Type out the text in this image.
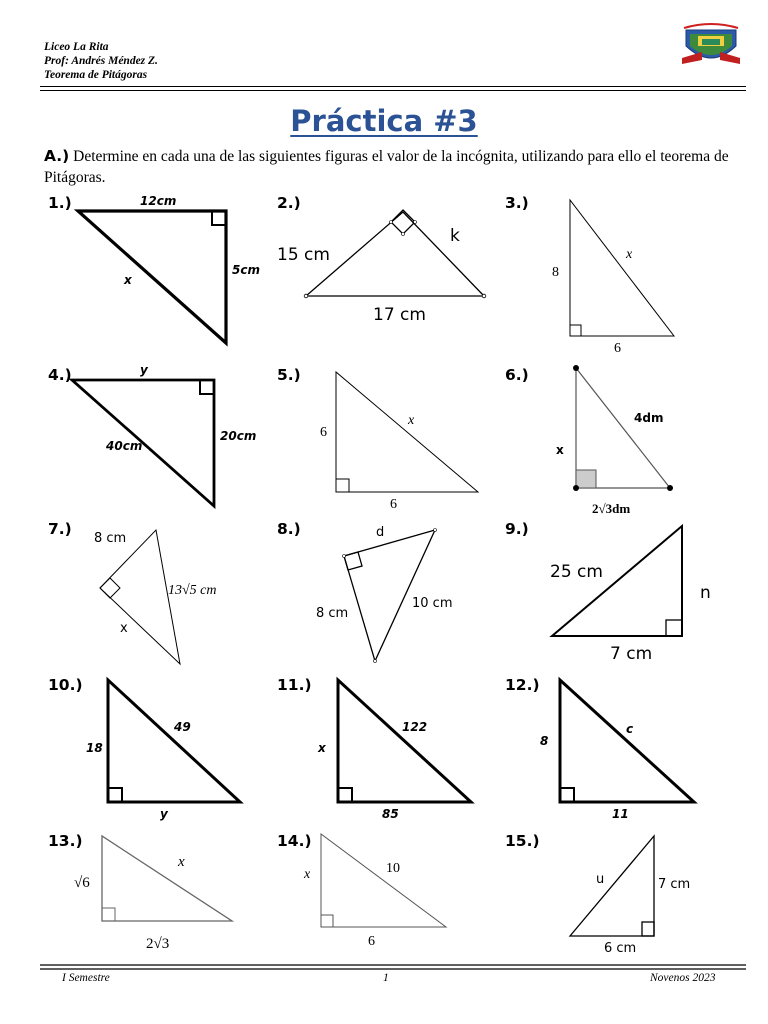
Liceo La Rita
Prof: Andrés Méndez Z.
Teorema de Pitágoras
Práctica #3
A.) Determine en cada una de las siguientes figuras el valor de la incógnita, utilizando para ello el teorema de Pitágoras.
1.)	12cm
x
5cm
2.)
15 cm
k
17 cm
3.)
8
x
6
4.)	y
40cm
20cm
5.)
6
x
6
6.)
x
4dm
2√3dm
7.)
8 cm
13√5 cm
x
8.)	d
8 cm
10 cm
9.)
25 cm
n
7 cm
10.)
18
49
y
11.)
x
122
85
12.)
8
c
11
13.)
√6
x
2√3
14.)
x	10
6
15.)
u	7 cm
6 cm
I Semestre	1	Novenos 2023
